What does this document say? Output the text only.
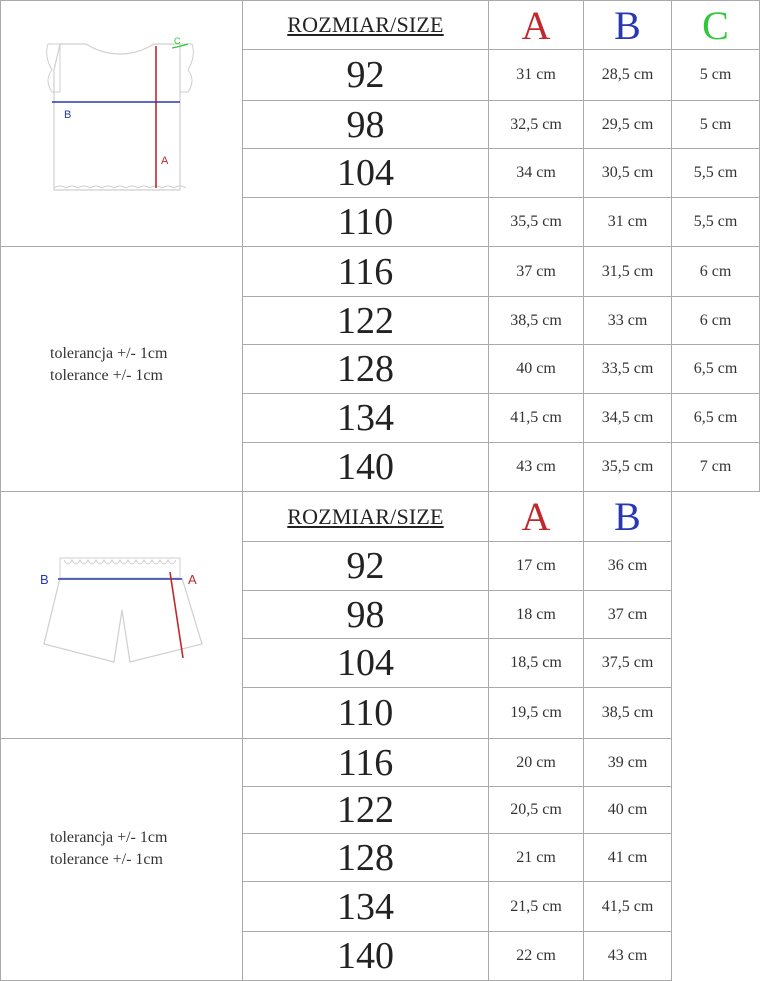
ROZMIAR/SIZE	A	B	C
92	31 cm	28,5 cm	5 cm
98	32,5 cm	29,5 cm	5 cm
104	34 cm	30,5 cm	5,5 cm
110	35,5 cm	31 cm	5,5 cm
116	37 cm	31,5 cm	6 cm
122	38,5 cm	33 cm	6 cm
128	40 cm	33,5 cm	6,5 cm
134	41,5 cm	34,5 cm	6,5 cm
140	43 cm	35,5 cm	7 cm
tolerancja +/- 1cm
tolerance +/- 1cm
A
B
C
ROZMIAR/SIZE	A	B
92	17 cm	36 cm
98	18 cm	37 cm
104	18,5 cm	37,5 cm
110	19,5 cm	38,5 cm
116	20 cm	39 cm
122	20,5 cm	40 cm
128	21 cm	41 cm
134	21,5 cm	41,5 cm
140	22 cm	43 cm
tolerancja +/- 1cm
tolerance +/- 1cm
B	A
